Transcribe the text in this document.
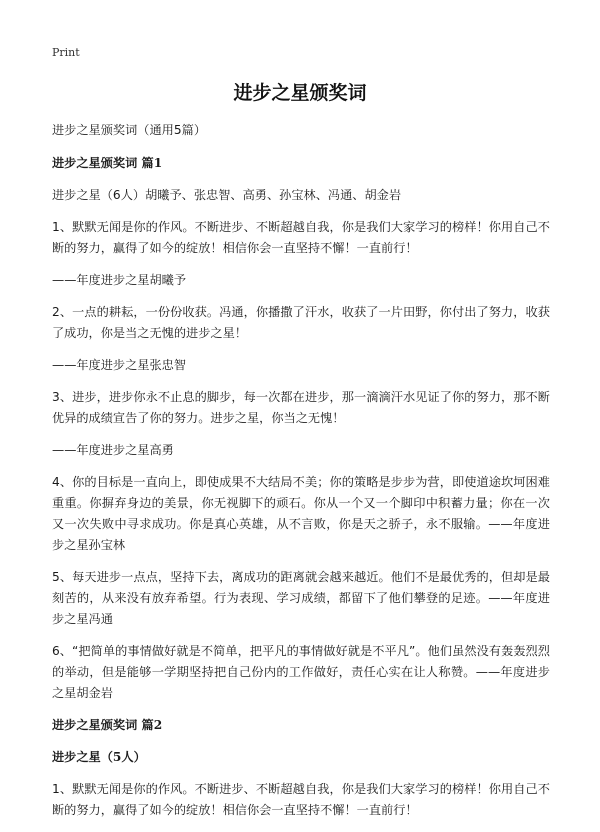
Print
进步之星颁奖词

进步之星颁奖词（通用5篇）

进步之星颁奖词 篇1

进步之星（6人）胡曦予、张忠智、高勇、孙宝林、冯通、胡金岩

1、默默无闻是你的作风。不断进步、不断超越自我，你是我们大家学习的榜样！你用自己不断的努力，赢得了如今的绽放！相信你会一直坚持不懈！一直前行！

——年度进步之星胡曦予

2、一点的耕耘，一份份收获。冯通，你播撒了汗水，收获了一片田野，你付出了努力，收获了成功，你是当之无愧的进步之星！

——年度进步之星张忠智

3、进步，进步你永不止息的脚步，每一次都在进步，那一滴滴汗水见证了你的努力，那不断优异的成绩宣告了你的努力。进步之星，你当之无愧！

——年度进步之星高勇

4、你的目标是一直向上，即使成果不大结局不美；你的策略是步步为营，即使道途坎坷困难重重。你摒弃身边的美景，你无视脚下的顽石。你从一个又一个脚印中积蓄力量；你在一次又一次失败中寻求成功。你是真心英雄，从不言败，你是天之骄子，永不服输。——年度进步之星孙宝林

5、每天进步一点点，坚持下去，离成功的距离就会越来越近。他们不是最优秀的，但却是最刻苦的，从来没有放弃希望。行为表现、学习成绩，都留下了他们攀登的足迹。——年度进步之星冯通

6、“把简单的事情做好就是不简单，把平凡的事情做好就是不平凡”。他们虽然没有轰轰烈烈的举动，但是能够一学期坚持把自己份内的工作做好，责任心实在让人称赞。——年度进步之星胡金岩

进步之星颁奖词 篇2

进步之星（5人）

1、默默无闻是你的作风。不断进步、不断超越自我，你是我们大家学习的榜样！你用自己不断的努力，赢得了如今的绽放！相信你会一直坚持不懈！一直前行！
